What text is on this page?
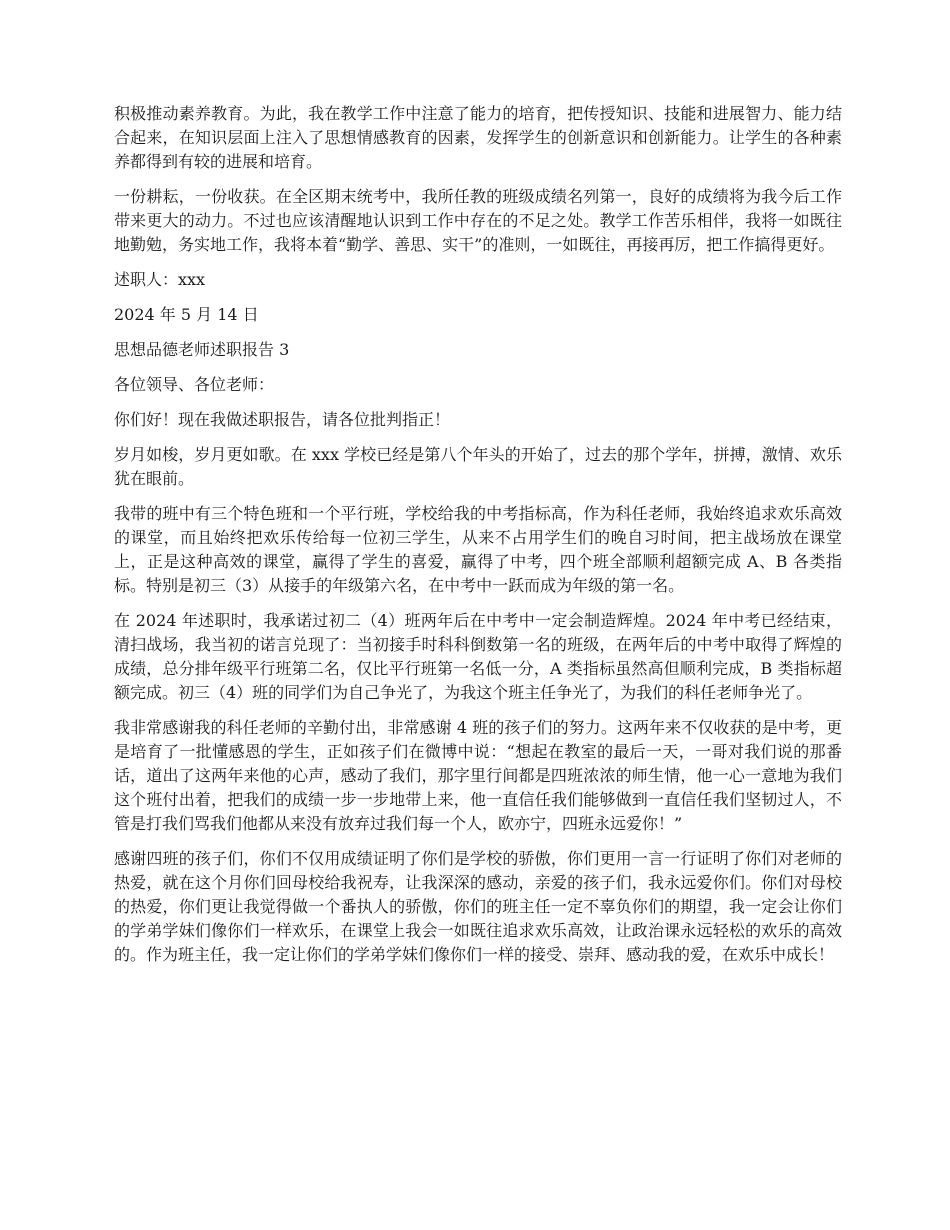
积极推动素养教育。为此，我在教学工作中注意了能力的培育，把传授知识、技能和进展智力、能力结合起来，在知识层面上注入了思想情感教育的因素，发挥学生的创新意识和创新能力。让学生的各种素养都得到有较的进展和培育。

一份耕耘，一份收获。在全区期末统考中，我所任教的班级成绩名列第一，良好的成绩将为我今后工作带来更大的动力。不过也应该清醒地认识到工作中存在的不足之处。教学工作苦乐相伴，我将一如既往地勤勉，务实地工作，我将本着“勤学、善思、实干”的准则，一如既往，再接再厉，把工作搞得更好。

述职人：xxx

2024 年 5 月 14 日

思想品德老师述职报告 3

各位领导、各位老师：

你们好！现在我做述职报告，请各位批判指正！

岁月如梭，岁月更如歌。在 xxx 学校已经是第八个年头的开始了，过去的那个学年，拼搏，激情、欢乐犹在眼前。

我带的班中有三个特色班和一个平行班，学校给我的中考指标高，作为科任老师，我始终追求欢乐高效的课堂，而且始终把欢乐传给每一位初三学生，从来不占用学生们的晚自习时间，把主战场放在课堂上，正是这种高效的课堂，赢得了学生的喜爱，赢得了中考，四个班全部顺利超额完成 A、B 各类指标。特别是初三（3）从接手的年级第六名，在中考中一跃而成为年级的第一名。

在 2024 年述职时，我承诺过初二（4）班两年后在中考中一定会制造辉煌。2024 年中考已经结束，清扫战场，我当初的诺言兑现了：当初接手时科科倒数第一名的班级，在两年后的中考中取得了辉煌的成绩，总分排年级平行班第二名，仅比平行班第一名低一分，A 类指标虽然高但顺利完成，B 类指标超额完成。初三（4）班的同学们为自己争光了，为我这个班主任争光了，为我们的科任老师争光了。

我非常感谢我的科任老师的辛勤付出，非常感谢 4 班的孩子们的努力。这两年来不仅收获的是中考，更是培育了一批懂感恩的学生，正如孩子们在微博中说：“想起在教室的最后一天，一哥对我们说的那番话，道出了这两年来他的心声，感动了我们，那字里行间都是四班浓浓的师生情，他一心一意地为我们这个班付出着，把我们的成绩一步一步地带上来，他一直信任我们能够做到一直信任我们坚韧过人，不管是打我们骂我们他都从来没有放弃过我们每一个人，欧亦宁，四班永远爱你！”

感谢四班的孩子们，你们不仅用成绩证明了你们是学校的骄傲，你们更用一言一行证明了你们对老师的热爱，就在这个月你们回母校给我祝寿，让我深深的感动，亲爱的孩子们，我永远爱你们。你们对母校的热爱，你们更让我觉得做一个番执人的骄傲，你们的班主任一定不辜负你们的期望，我一定会让你们的学弟学妹们像你们一样欢乐，在课堂上我会一如既往追求欢乐高效，让政治课永远轻松的欢乐的高效的。作为班主任，我一定让你们的学弟学妹们像你们一样的接受、崇拜、感动我的爱，在欢乐中成长！
